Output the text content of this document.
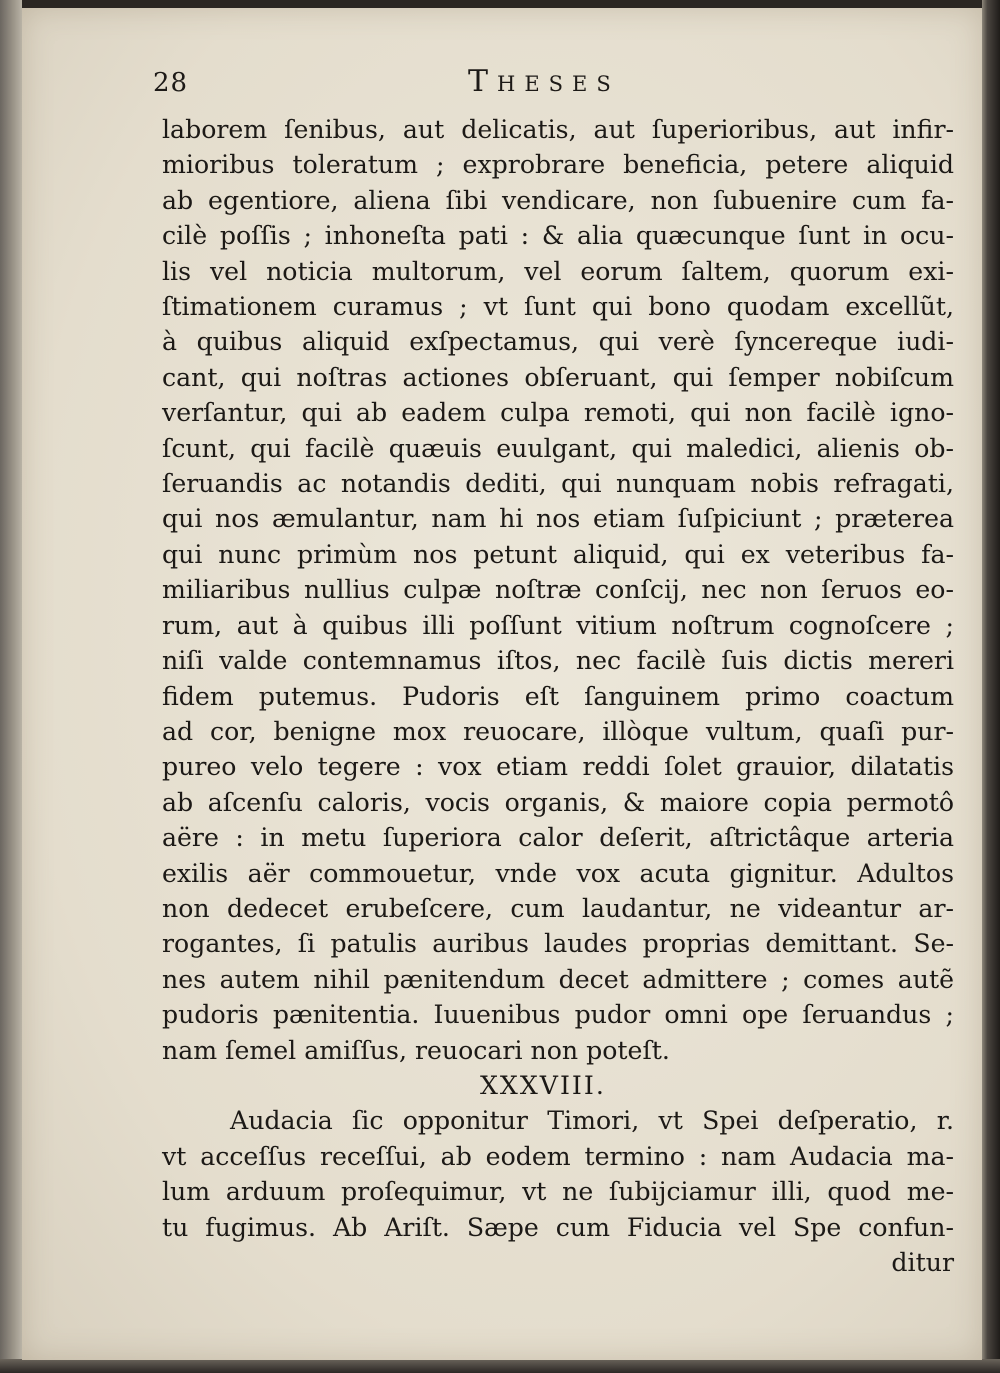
28	Theses
laborem ſenibus, aut delicatis, aut ſuperioribus, aut infir-
mioribus toleratum ; exprobrare beneficia, petere aliquid
ab egentiore, aliena ſibi vendicare, non ſubuenire cum fa-
cilè poſſis ; inhoneſta pati : & alia quæcunque ſunt in ocu-
lis vel noticia multorum, vel eorum ſaltem, quorum exi-
ſtimationem curamus ; vt ſunt qui bono quodam excellũt,
à quibus aliquid exſpectamus, qui verè ſyncereque iudi-
cant, qui noſtras actiones obſeruant, qui ſemper nobiſcum
verſantur, qui ab eadem culpa remoti, qui non facilè igno-
ſcunt, qui facilè quæuis euulgant, qui maledici, alienis ob-
ſeruandis ac notandis dediti, qui nunquam nobis refragati,
qui nos æmulantur, nam hi nos etiam ſuſpiciunt ; præterea
qui nunc primùm nos petunt aliquid, qui ex veteribus fa-
miliaribus nullius culpæ noſtræ conſcij, nec non ſeruos eo-
rum, aut à quibus illi poſſunt vitium noſtrum cognoſcere ;
niſi valde contemnamus iſtos, nec facilè ſuis dictis mereri
fidem putemus. Pudoris eſt ſanguinem primo coactum
ad cor, benigne mox reuocare, illòque vultum, quaſi pur-
pureo velo tegere : vox etiam reddi ſolet grauior, dilatatis
ab aſcenſu caloris, vocis organis, & maiore copia permotô
aëre : in metu ſuperiora calor deſerit, aſtrictâque arteria
exilis aër commouetur, vnde vox acuta gignitur. Adultos
non dedecet erubeſcere, cum laudantur, ne videantur ar-
rogantes, ſi patulis auribus laudes proprias demittant. Se-
nes autem nihil pænitendum decet admittere ; comes autẽ
pudoris pænitentia. Iuuenibus pudor omni ope ſeruandus ;
nam ſemel amiſſus, reuocari non poteſt.
XXXVIII.
Audacia ſic opponitur Timori, vt Spei deſperatio, r.
vt acceſſus receſſui, ab eodem termino : nam Audacia ma-
lum arduum proſequimur, vt ne ſubijciamur illi, quod me-
tu fugimus. Ab Ariſt. Sæpe cum Fiducia vel Spe confun-
ditur
